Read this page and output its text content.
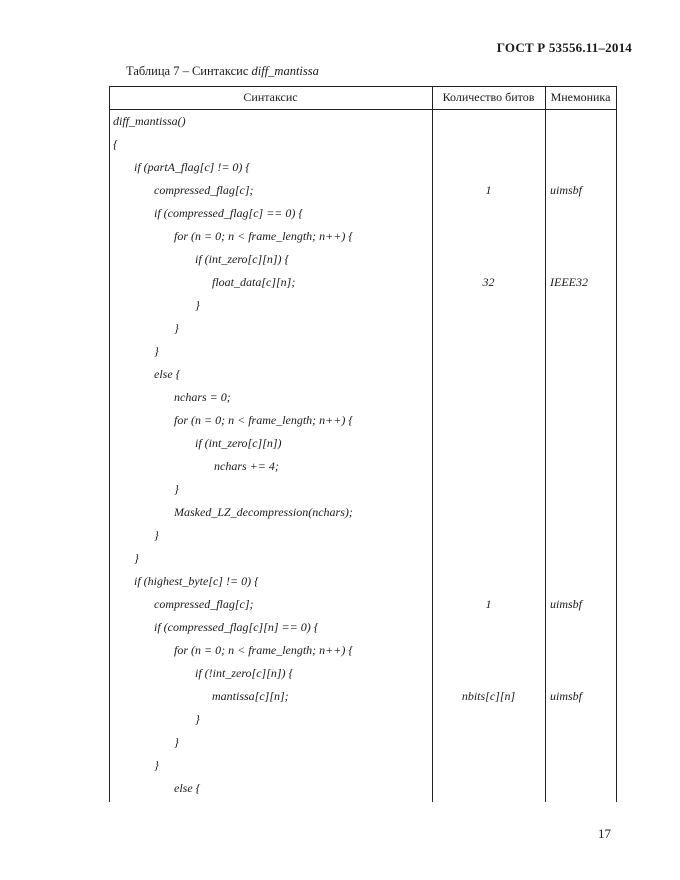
ГОСТ Р 53556.11–2014
Таблица 7 – Синтаксис diff_mantissa
Синтаксис	Количество битов	Мнемоника
diff_mantissa()
{
if (partA_flag[c] != 0) {
compressed_flag[c];	1	uimsbf
if (compressed_flag[c] == 0) {
for (n = 0; n < frame_length; n++) {
if (int_zero[c][n]) {
float_data[c][n];	32	IEEE32
}
}
}
else {
nchars = 0;
for (n = 0; n < frame_length; n++) {
if (int_zero[c][n])
nchars += 4;
}
Masked_LZ_decompression(nchars);
}
}
if (highest_byte[c] != 0) {
compressed_flag[c];	1	uimsbf
if (compressed_flag[c][n] == 0) {
for (n = 0; n < frame_length; n++) {
if (!int_zero[c][n]) {
mantissa[c][n];	nbits[c][n]	uimsbf
}
}
}
else {
17
